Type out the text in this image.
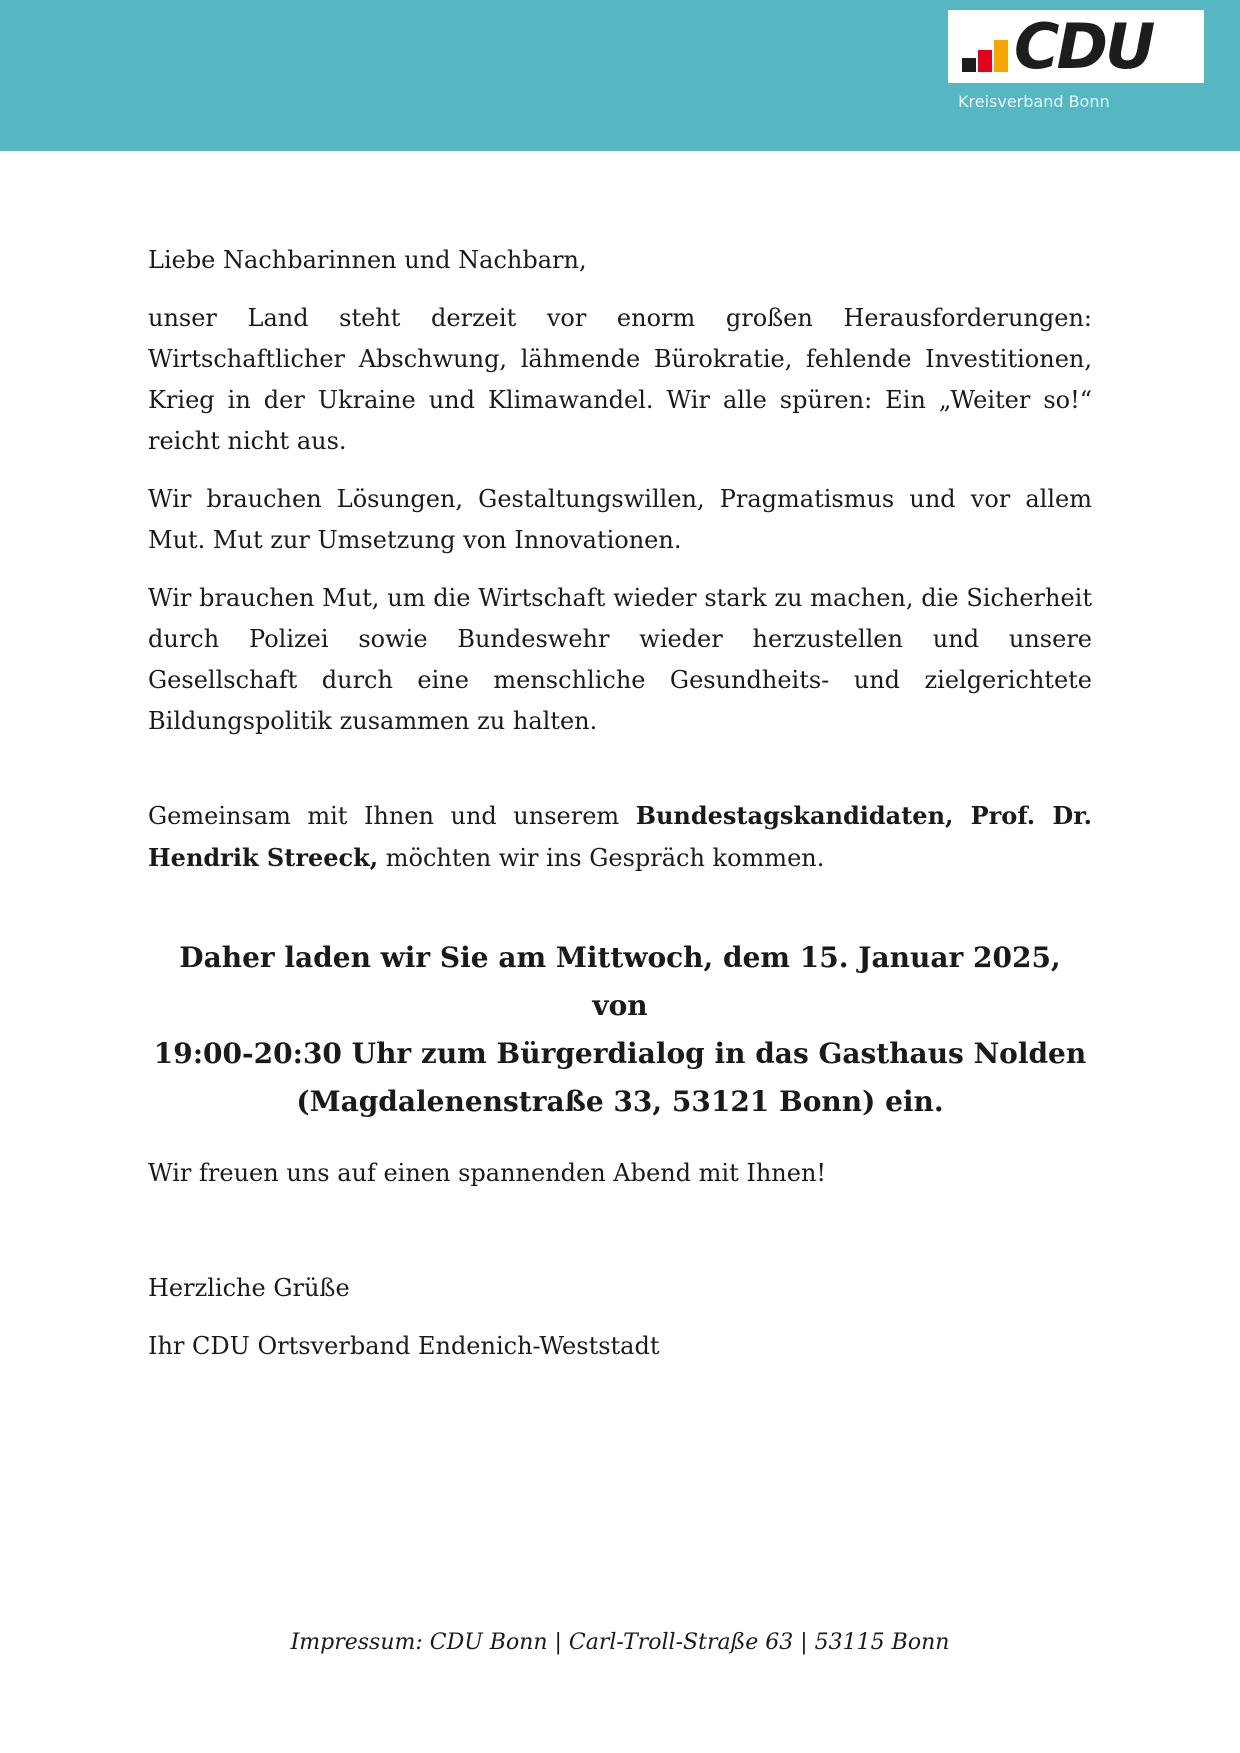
CDU
Kreisverband Bonn

Liebe Nachbarinnen und Nachbarn,

unser Land steht derzeit vor enorm großen Herausforderungen: Wirtschaftlicher Abschwung, lähmende Bürokratie, fehlende Investitionen, Krieg in der Ukraine und Klimawandel. Wir alle spüren: Ein „Weiter so!“ reicht nicht aus.

Wir brauchen Lösungen, Gestaltungswillen, Pragmatismus und vor allem Mut. Mut zur Umsetzung von Innovationen.

Wir brauchen Mut, um die Wirtschaft wieder stark zu machen, die Sicherheit durch Polizei sowie Bundeswehr wieder herzustellen und unsere Gesellschaft durch eine menschliche Gesundheits- und zielgerichtete Bildungspolitik zusammen zu halten.

Gemeinsam mit Ihnen und unserem Bundestagskandidaten, Prof. Dr. Hendrik Streeck, möchten wir ins Gespräch kommen.

Daher laden wir Sie am Mittwoch, dem 15. Januar 2025, von
19:00-20:30 Uhr zum Bürgerdialog in das Gasthaus Nolden
(Magdalenenstraße 33, 53121 Bonn) ein.

Wir freuen uns auf einen spannenden Abend mit Ihnen!

Herzliche Grüße

Ihr CDU Ortsverband Endenich-Weststadt

Impressum: CDU Bonn | Carl-Troll-Straße 63 | 53115 Bonn
